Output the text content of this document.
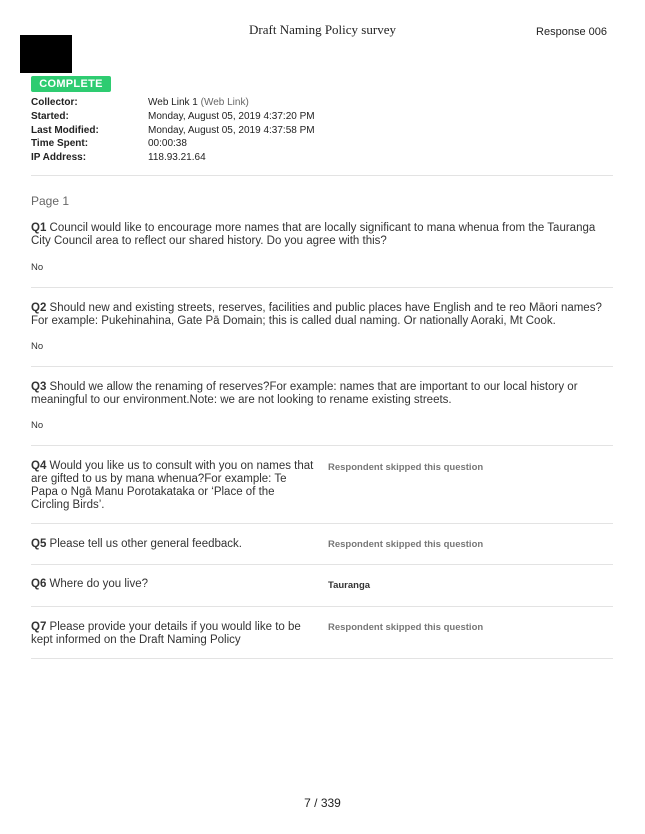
Draft Naming Policy survey	Response 006
COMPLETE
Collector:	Web Link 1 (Web Link)
Started:	Monday, August 05, 2019 4:37:20 PM
Last Modified:	Monday, August 05, 2019 4:37:58 PM
Time Spent:	00:00:38
IP Address:	118.93.21.64
Page 1
Q1 Council would like to encourage more names that are locally significant to mana whenua from the Tauranga City Council area to reflect our shared history. Do you agree with this?
No
Q2 Should new and existing streets, reserves, facilities and public places have English and te reo Māori names?For example: Pukehinahina, Gate Pā Domain; this is called dual naming. Or nationally Aoraki, Mt Cook.
No
Q3 Should we allow the renaming of reserves?For example: names that are important to our local history or meaningful to our environment.Note: we are not looking to rename existing streets.
No
Q4 Would you like us to consult with you on names that are gifted to us by mana whenua?For example: Te Papa o Ngā Manu Porotakataka or ‘Place of the Circling Birds’.
Respondent skipped this question
Q5 Please tell us other general feedback.	Respondent skipped this question
Q6 Where do you live?	Tauranga
Q7 Please provide your details if you would like to be kept informed on the Draft Naming Policy
Respondent skipped this question
7 / 339
